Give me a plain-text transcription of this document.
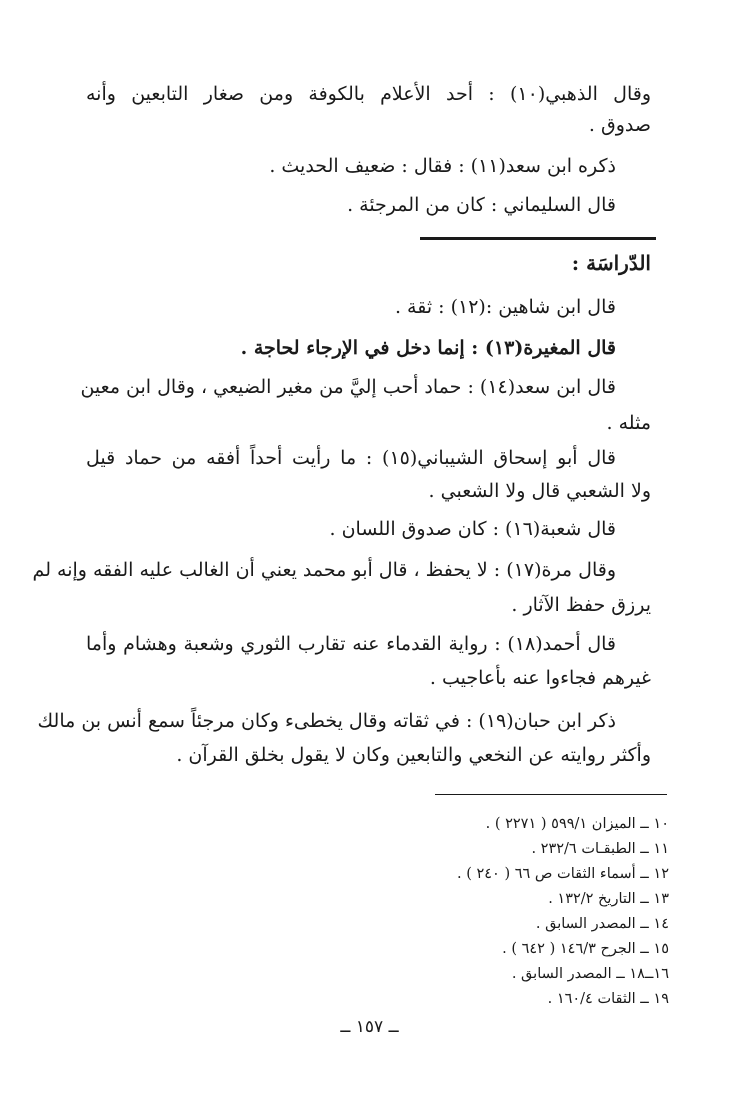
وقال الذهبي(١٠) : أحد الأعلام بالكوفة ومن صغار التابعين وأنه

صدوق .

ذكره ابن سعد(١١) : فقال : ضعيف الحديث .

قال السليماني : كان من المرجئة .

الدّراسَة :

قال ابن شاهين :(١٢) : ثقة .

قال المغيرة(١٣) : إنما دخل في الإرجاء لحاجة .

قال ابن سعد(١٤) : حماد أحب إليَّ من مغير الضيعي ، وقال ابن معين

مثله .

قال أبو إسحاق الشيباني(١٥) : ما رأيت أحداً أفقه من حماد قيل

ولا الشعبي قال ولا الشعبي .

قال شعبة(١٦) : كان صدوق اللسان .

وقال مرة(١٧) : لا يحفظ ، قال أبو محمد يعني أن الغالب عليه الفقه وإنه لم

يرزق حفظ الآثار .

قال أحمد(١٨) : رواية القدماء عنه تقارب الثوري وشعبة وهشام وأما

غيرهم فجاءوا عنه بأعاجيب .

ذكر ابن حبان(١٩) : في ثقاته وقال يخطىء وكان مرجئاً سمع أنس بن مالك

وأكثر روايته عن النخعي والتابعين وكان لا يقول بخلق القرآن .

١٠ ــ الميزان ٥٩٩/١ ( ٢٢٧١ ) .

١١ ــ الطبقـات ٢٣٢/٦ .

١٢ ــ أسماء الثقات ص ٦٦ ( ٢٤٠ ) .

١٣ ــ التاريخ ١٣٢/٢ .

١٤ ــ المصدر السابق .

١٥ ــ الجرح ١٤٦/٣ ( ٦٤٢ ) .

١٦ــ١٨ ــ المصدر السابق .

١٩ ــ الثقات ١٦٠/٤ .

ــ ١٥٧ ــ
